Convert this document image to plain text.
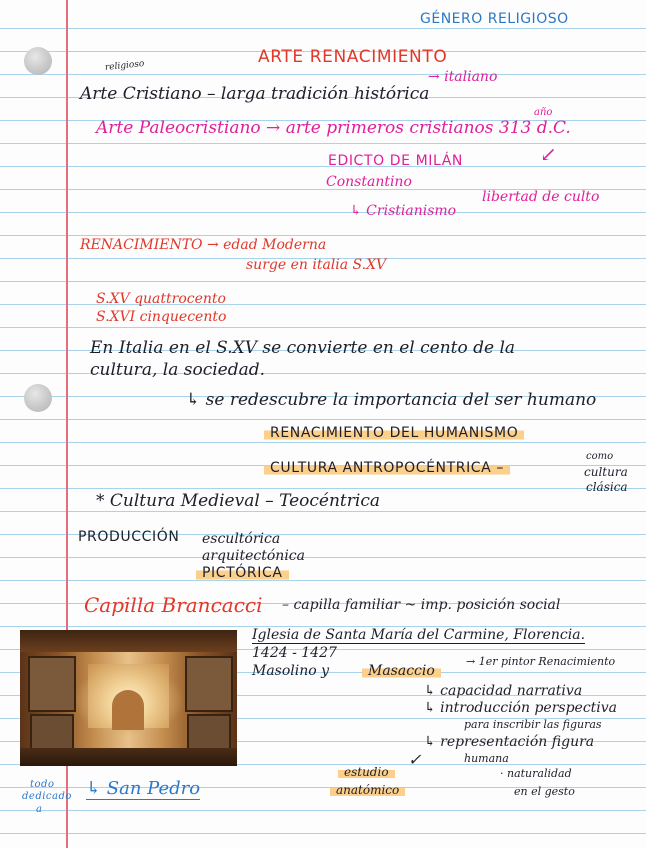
GÉNERO RELIGIOSO
ARTE RENACIMIENTO
religioso
→ italiano
Arte Cristiano – larga tradición histórica
año
Arte Paleocristiano → arte primeros cristianos 313 d.C.
EDICTO DE MILÁN	↙
Constantino
libertad de culto
↳ Cristianismo
RENACIMIENTO → edad Moderna
surge en italia S.XV
S.XV quattrocento
S.XVI cinquecento
En Italia en el S.XV se convierte en el cento de la
cultura, la sociedad.
↳ se redescubre la importancia del ser humano
RENACIMIENTO DEL HUMANISMO
CULTURA ANTROPOCÉNTRICA –
como
cultura
clásica
* Cultura Medieval – Teocéntrica
PRODUCCIÓN escultórica
arquitectónica
PICTÓRICA
Capilla Brancacci – capilla familiar ~ imp. posición social
Iglesia de Santa María del Carmine, Florencia.
1424 - 1427
Masolino y	Masaccio
→ 1er pintor Renacimiento
↳ capacidad narrativa
↳ introducción perspectiva
para inscribir las figuras
↳ representación figura
humana
estudio
anatómico
✓
· naturalidad
en el gesto
todo
dedicado
a
↳ San Pedro
